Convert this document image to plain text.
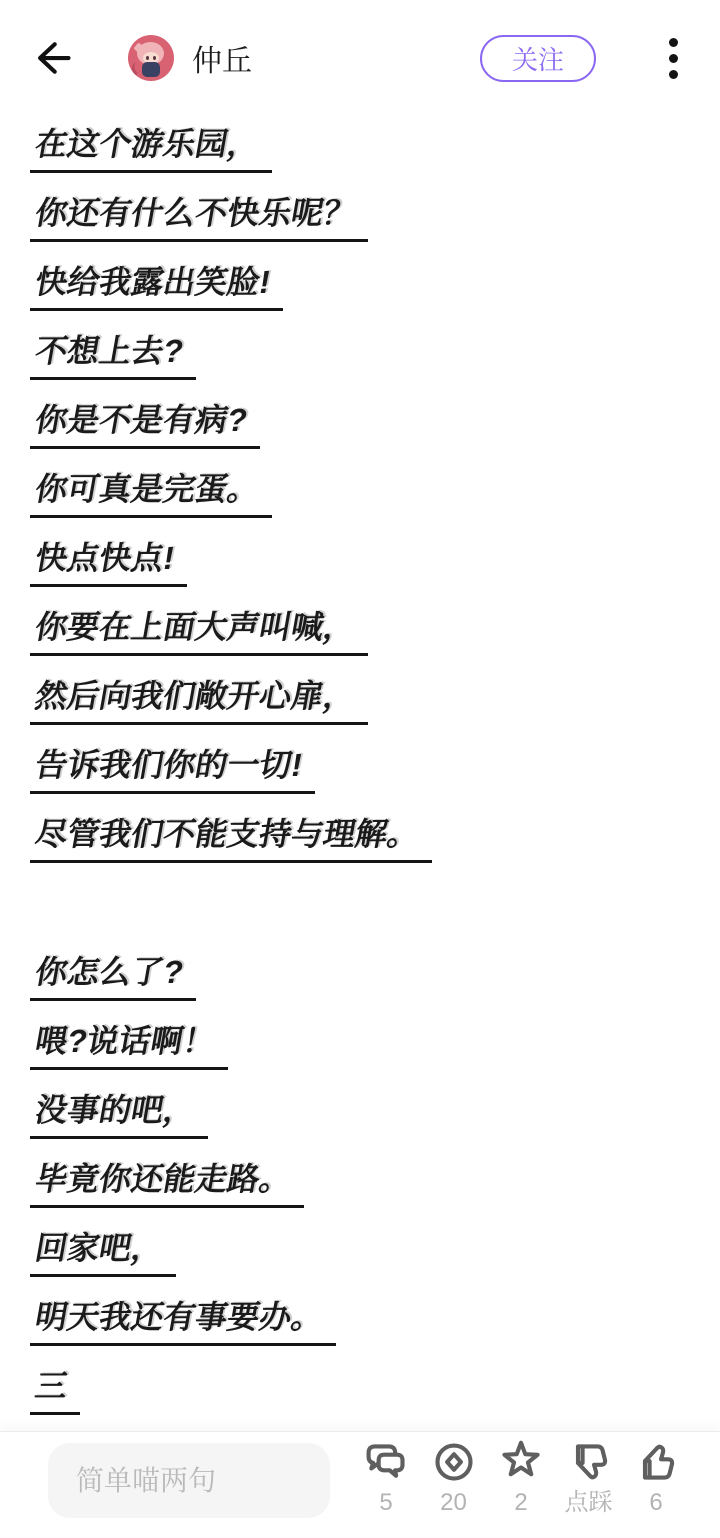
仲丘	关注
在这个游乐园，
你还有什么不快乐呢？
快给我露出笑脸!
不想上去?
你是不是有病?
你可真是完蛋。
快点快点!
你要在上面大声叫喊，
然后向我们敞开心扉，
告诉我们你的一切!
尽管我们不能支持与理解。
你怎么了?
喂?说话啊！
没事的吧，
毕竟你还能走路。
回家吧，
明天我还有事要办。
三
简单喵两句
5 20 2 点踩 6
